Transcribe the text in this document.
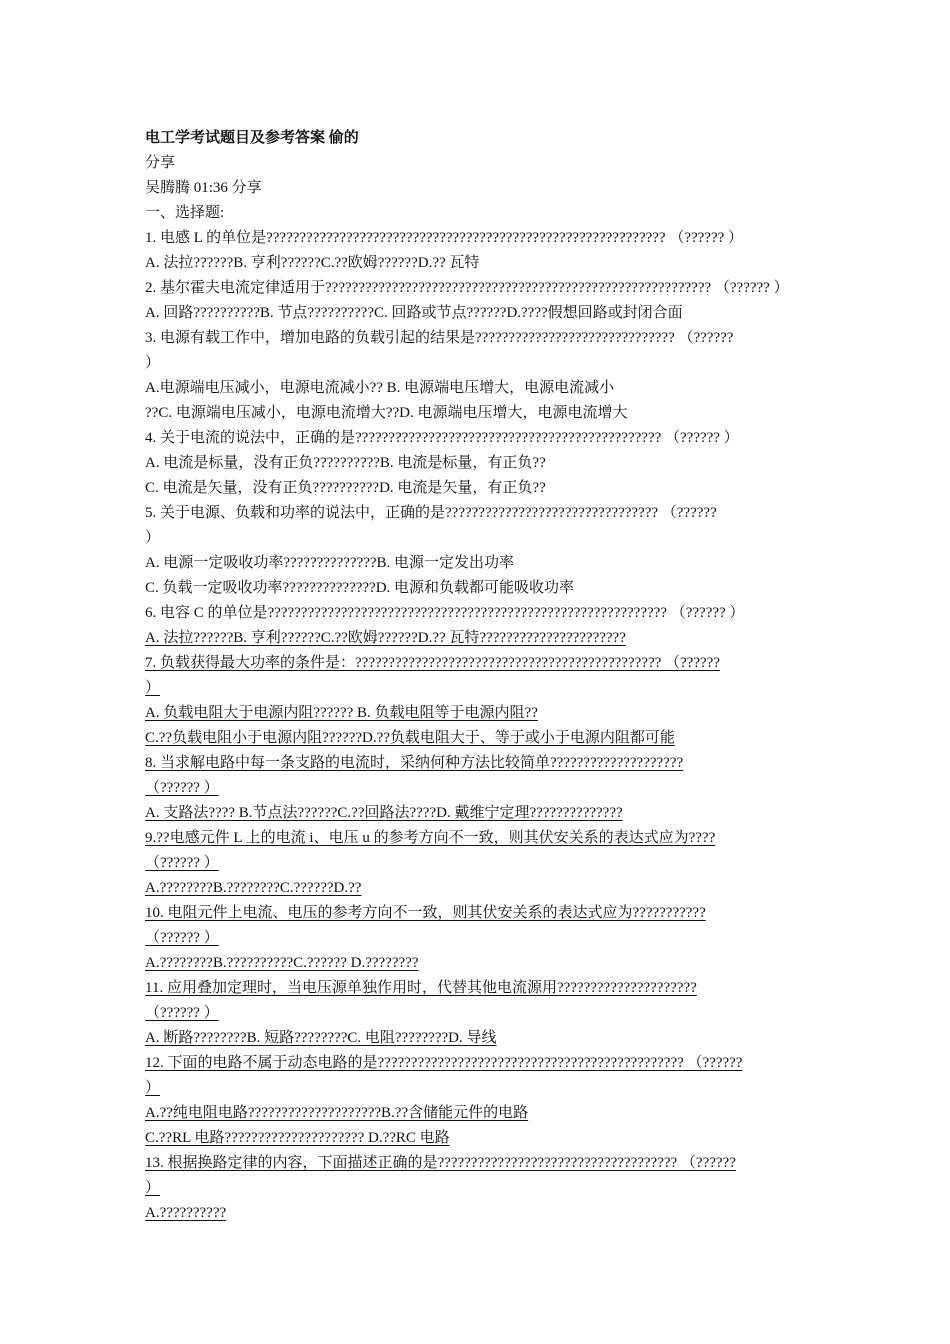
电工学考试题目及参考答案 偷的

分享

吴腾腾 01:36 分享

一、选择题:

1. 电感 L 的单位是???????????????????????????????????????????????????????????? （?????? ）

A. 法拉??????B. 亨利??????C.??欧姆??????D.?? 瓦特

2. 基尔霍夫电流定律适用于?????????????????????????????????????????????????????????? （?????? ）

A. 回路??????????B. 节点??????????C. 回路或节点??????D.????假想回路或封闭合面

3. 电源有载工作中，增加电路的负载引起的结果是?????????????????????????????? （??????
）

A.电源端电压减小，电源电流减小?? B. 电源端电压增大，电源电流减小

??C. 电源端电压减小，电源电流增大??D. 电源端电压增大，电源电流增大

4. 关于电流的说法中，正确的是?????????????????????????????????????????????? （?????? ）

A. 电流是标量，没有正负??????????B. 电流是标量，有正负??

C. 电流是矢量，没有正负??????????D. 电流是矢量，有正负??

5. 关于电源、负载和功率的说法中，正确的是???????????????????????????????? （??????
）

A. 电源一定吸收功率??????????????B. 电源一定发出功率

C. 负载一定吸收功率??????????????D. 电源和负载都可能吸收功率

6. 电容 C 的单位是???????????????????????????????????????????????????????????? （?????? ）

A. 法拉??????B. 亨利??????C.??欧姆??????D.?? 瓦特??????????????????????

7. 负载获得最大功率的条件是：?????????????????????????????????????????????? （??????
）

A. 负载电阻大于电源内阻?????? B. 负载电阻等于电源内阻??

C.??负载电阻小于电源内阻??????D.??负载电阻大于、等于或小于电源内阻都可能

8. 当求解电路中每一条支路的电流时，采纳何种方法比较简单????????????????????
（?????? ）

A. 支路法???? B.节点法??????C.??回路法????D. 戴维宁定理??????????????

9.??电感元件 L 上的电流 i、电压 u 的参考方向不一致，则其伏安关系的表达式应为????
（?????? ）

A.????????B.????????C.??????D.??

10. 电阻元件上电流、电压的参考方向不一致，则其伏安关系的表达式应为???????????
（?????? ）

A.????????B.??????????C.?????? D.????????

11. 应用叠加定理时，当电压源单独作用时，代替其他电流源用?????????????????????
（?????? ）

A. 断路????????B. 短路????????C. 电阻????????D. 导线

12. 下面的电路不属于动态电路的是?????????????????????????????????????????????? （??????
）

A.??纯电阻电路????????????????????B.??含储能元件的电路

C.??RL 电路????????????????????? D.??RC 电路

13. 根据换路定律的内容，下面描述正确的是???????????????????????????????????? （??????
）

A.??????????
